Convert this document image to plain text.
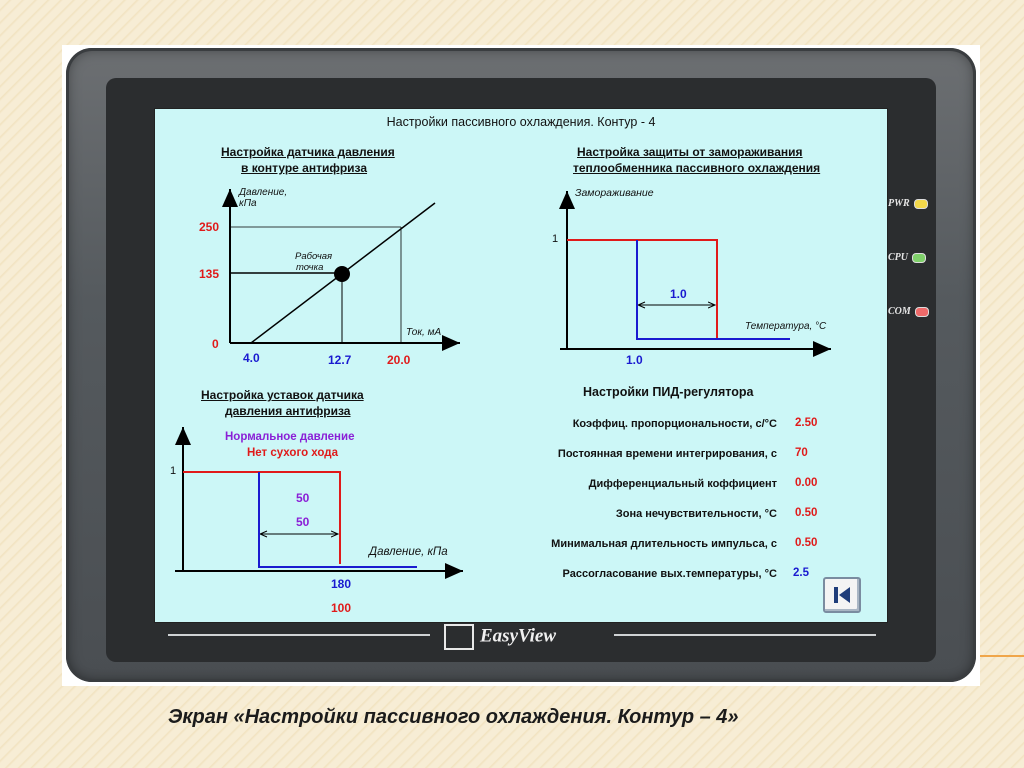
PWR
CPU
COM
Настройки пассивного охлаждения. Контур - 4
Настройка датчика давления
в контуре антифриза
Настройка защиты от замораживания
теплообменника пассивного охлаждения
Настройка уставок датчика
давления антифриза
Настройки ПИД-регулятора
Давление,
кПа
Ток, мА
Рабочая
точка
250
135
0
4.0	12.7	20.0
Замораживание
Температура, °C
1
1.0
1.0
Нормальное давление
Нет сухого хода
1
50
50
Давление, кПа
180
100
Коэффиц. пропорциональности, с/°C 2.50
Постоянная времени интегрирования, с 70
Дифференциальный коффициент 0.00
Зона нечувствительности, °C 0.50
Минимальная длительность импульса, с 0.50
Рассогласование вых.температуры, °C 2.5
EasyView
Экран «Настройки пассивного охлаждения. Контур – 4»
